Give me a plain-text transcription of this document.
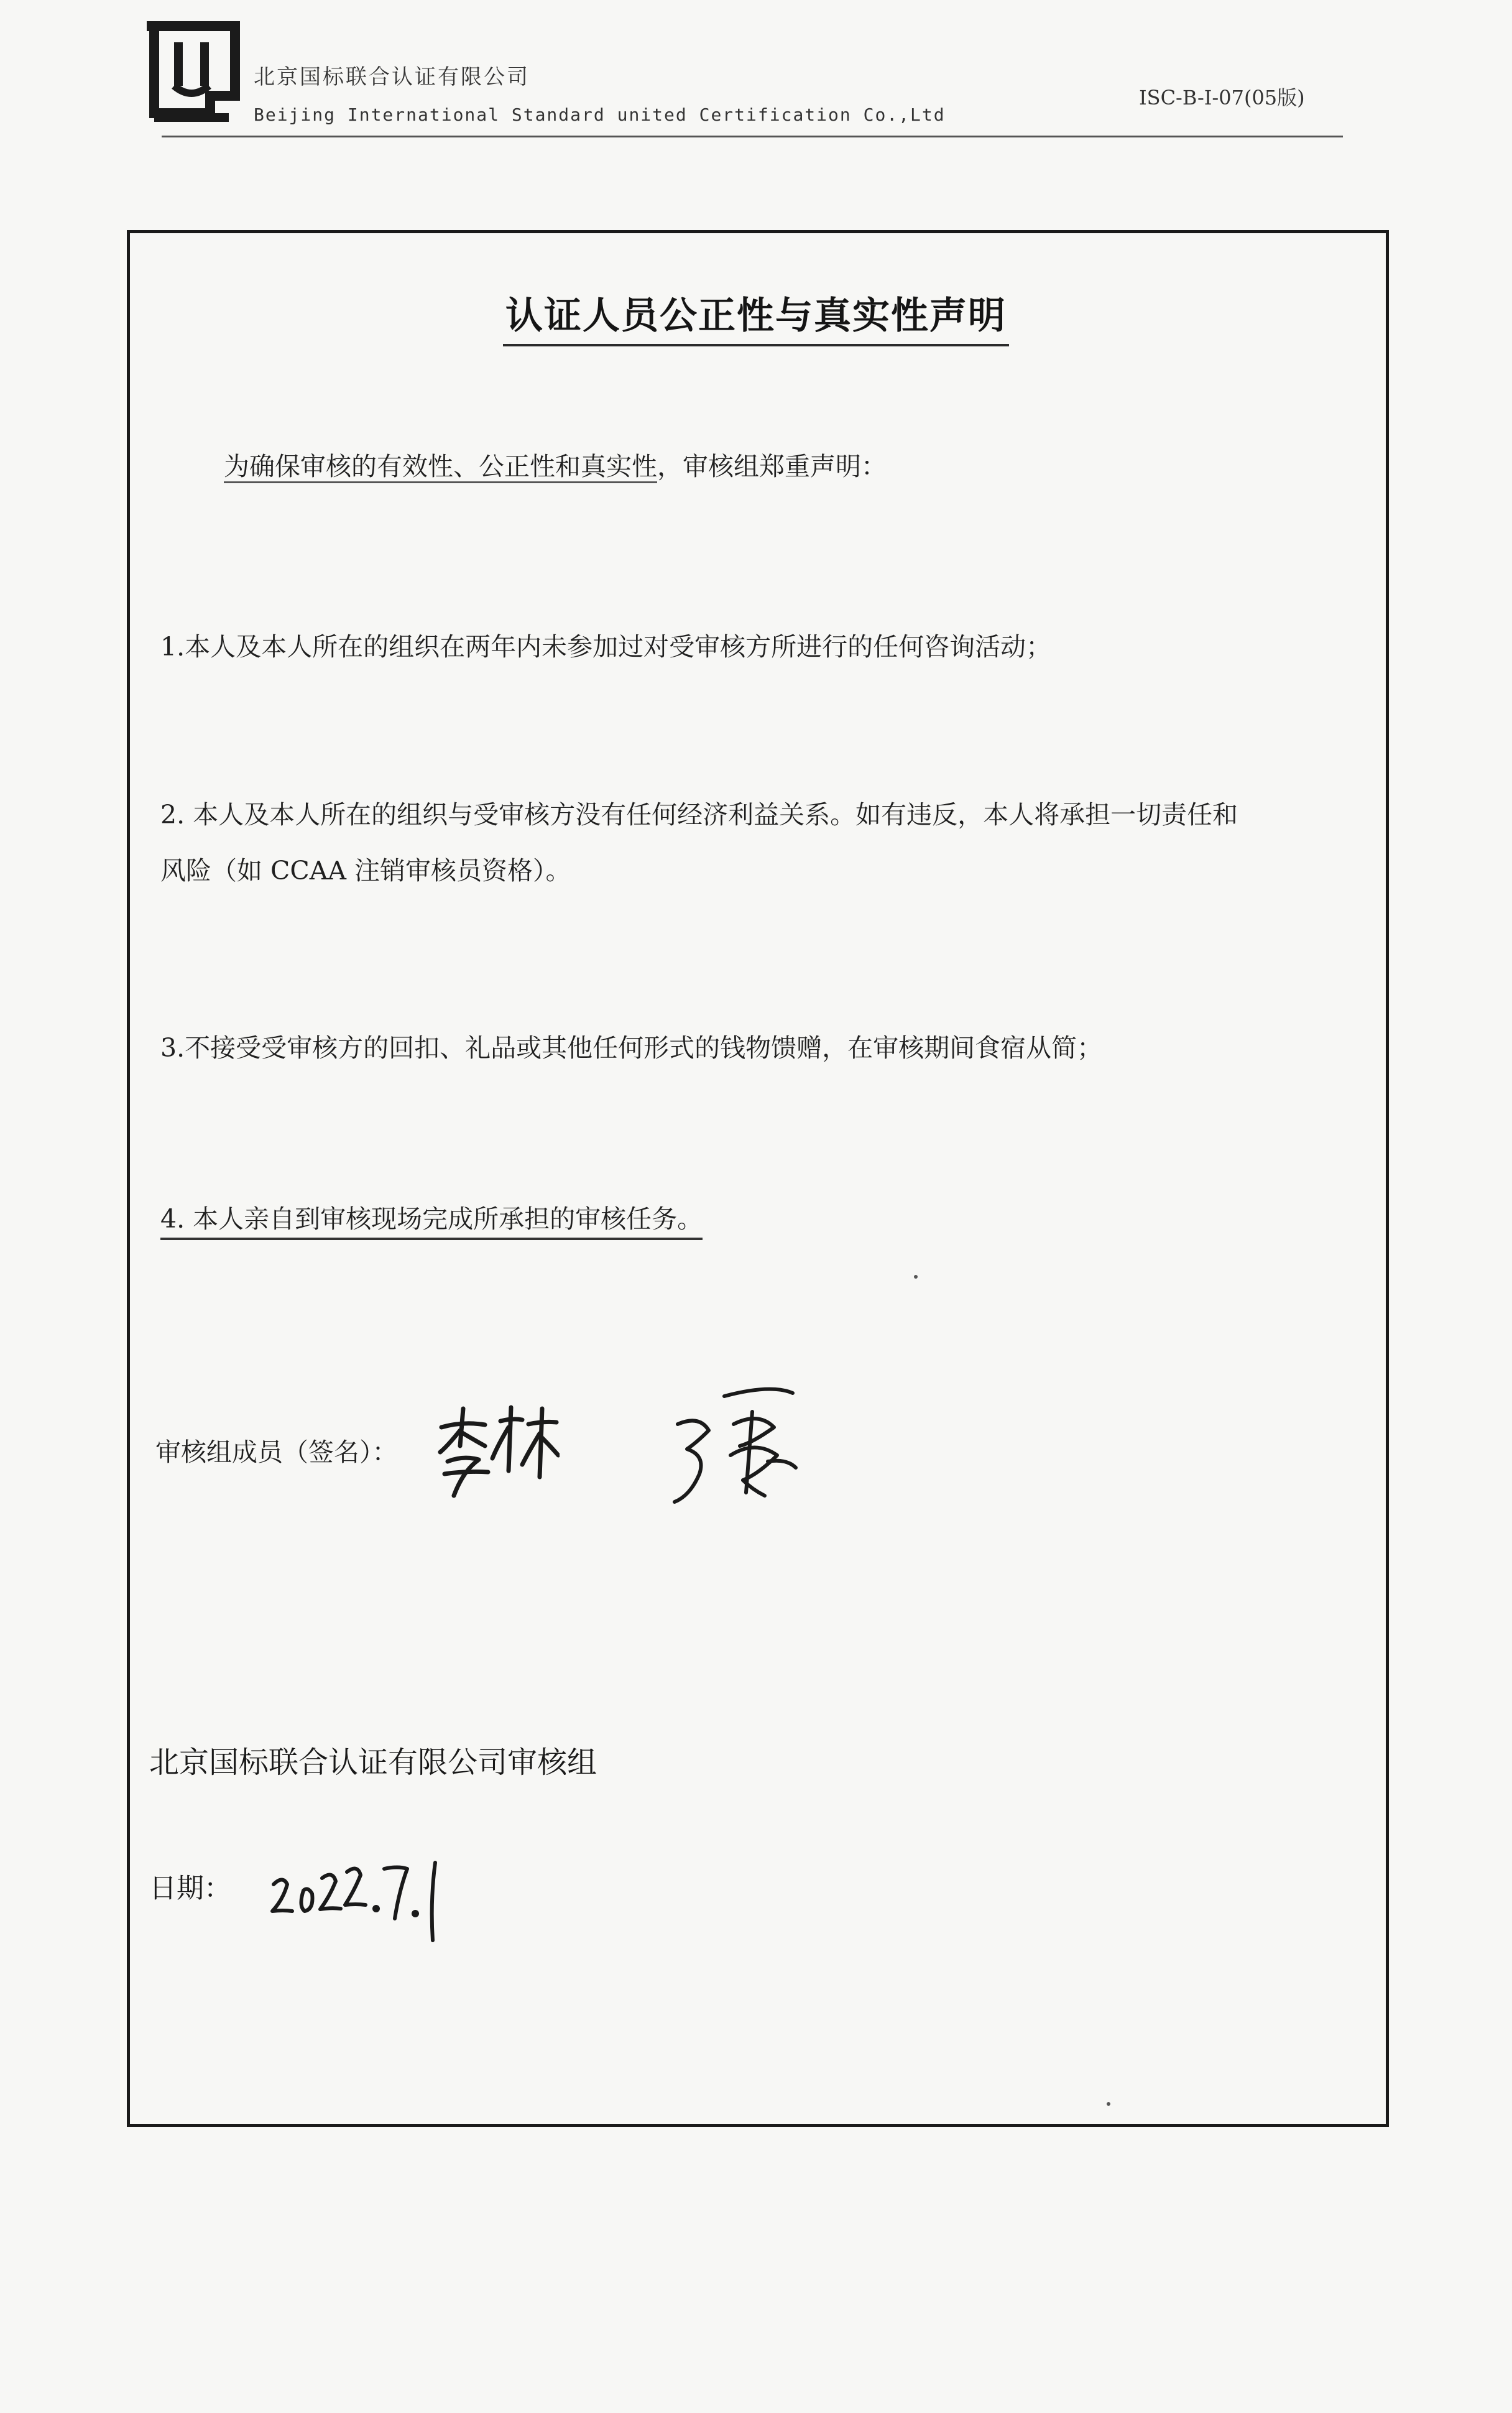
北京国标联合认证有限公司
Beijing International Standard united Certification Co.,Ltd
ISC-B-I-07(05版)
认证人员公正性与真实性声明
为确保审核的有效性、公正性和真实性，审核组郑重声明：
1.本人及本人所在的组织在两年内未参加过对受审核方所进行的任何咨询活动；
2. 本人及本人所在的组织与受审核方没有任何经济利益关系。如有违反，本人将承担一切责任和
风险（如 CCAA 注销审核员资格）。
3.不接受受审核方的回扣、礼品或其他任何形式的钱物馈赠，在审核期间食宿从简；
4. 本人亲自到审核现场完成所承担的审核任务。
审核组成员（签名）：
北京国标联合认证有限公司审核组
日期：
